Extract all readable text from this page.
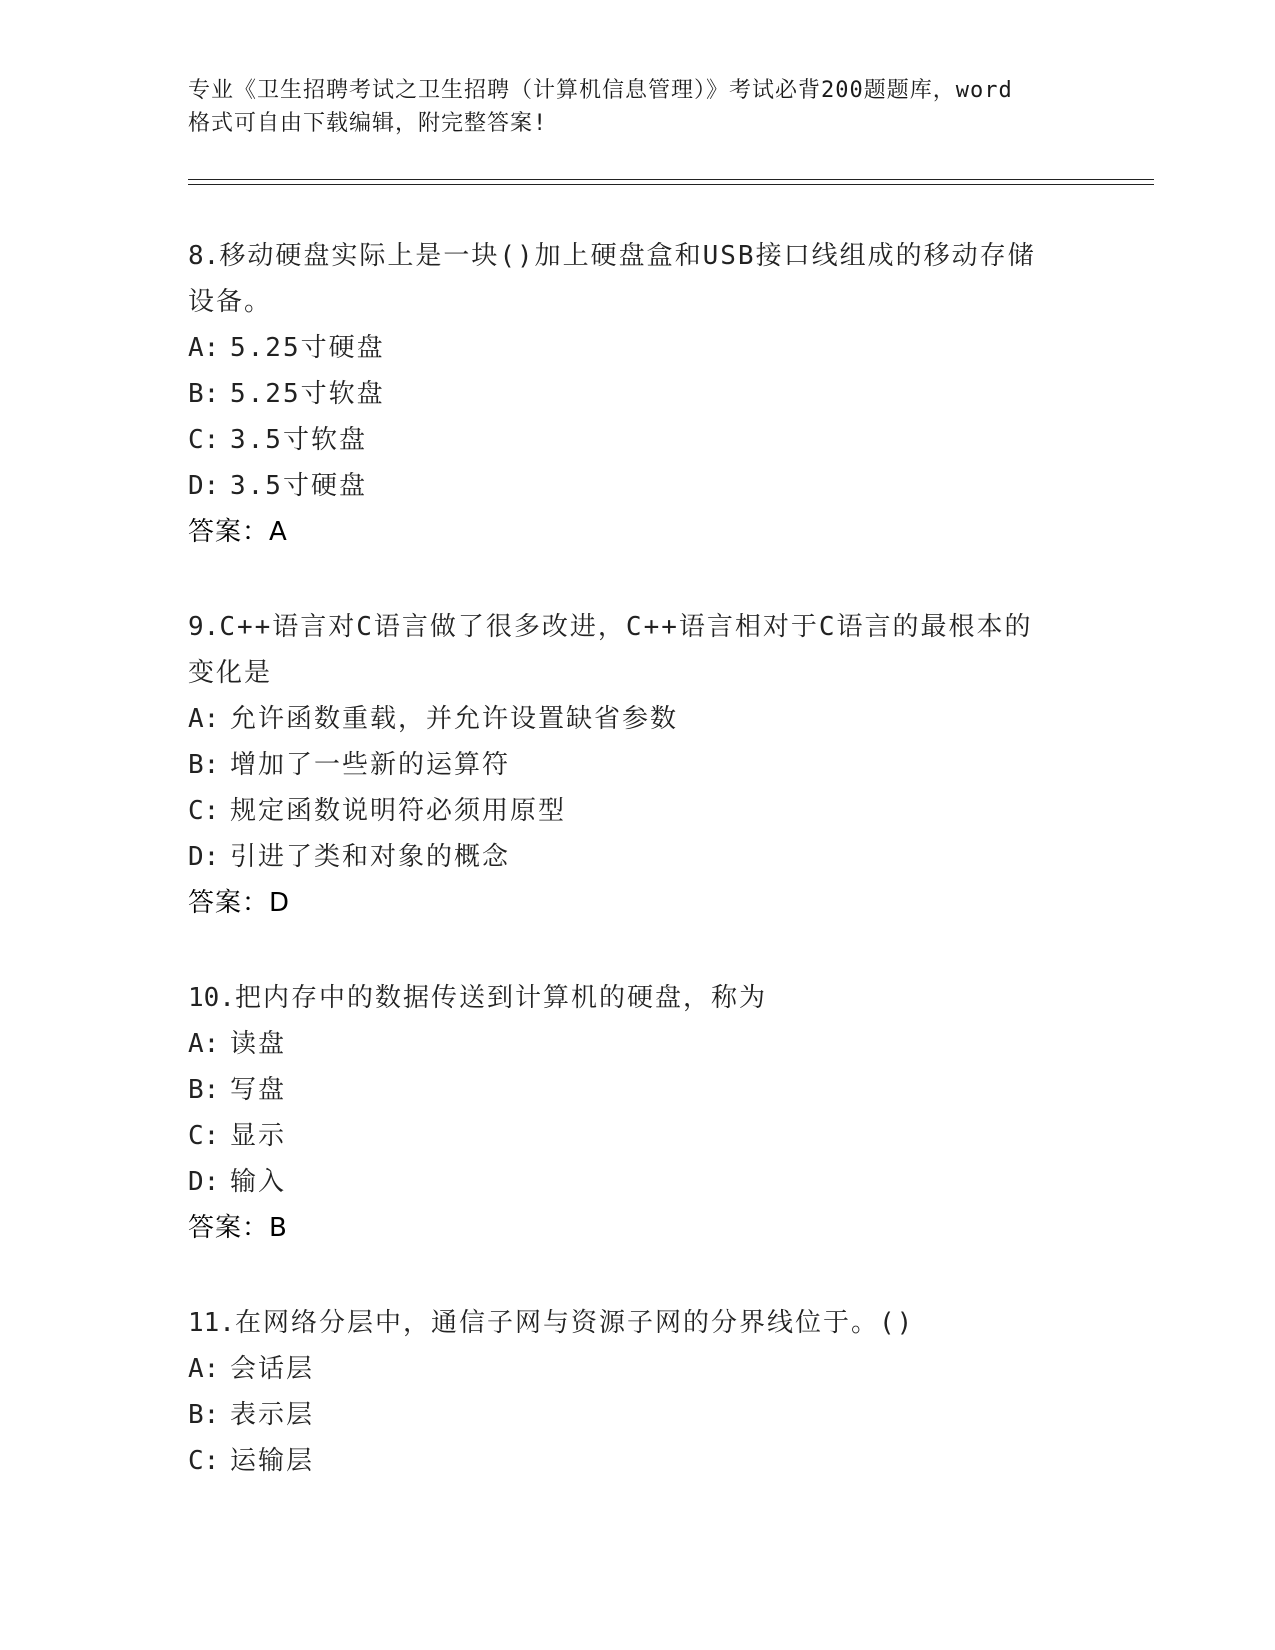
专业《卫生招聘考试之卫生招聘（计算机信息管理）》考试必背200题题库，word
格式可自由下载编辑，附完整答案!

8.移动硬盘实际上是一块()加上硬盘盒和USB接口线组成的移动存储

设备。

A: 5.25寸硬盘
B: 5.25寸软盘
C: 3.5寸软盘
D: 3.5寸硬盘
答案：A

9.C++语言对C语言做了很多改进，C++语言相对于C语言的最根本的

变化是

A: 允许函数重载，并允许设置缺省参数
B: 增加了一些新的运算符
C: 规定函数说明符必须用原型
D: 引进了类和对象的概念
答案：D

10.把内存中的数据传送到计算机的硬盘，称为

A: 读盘
B: 写盘
C: 显示
D: 输入
答案：B

11.在网络分层中，通信子网与资源子网的分界线位于。()

A: 会话层
B: 表示层
C: 运输层
